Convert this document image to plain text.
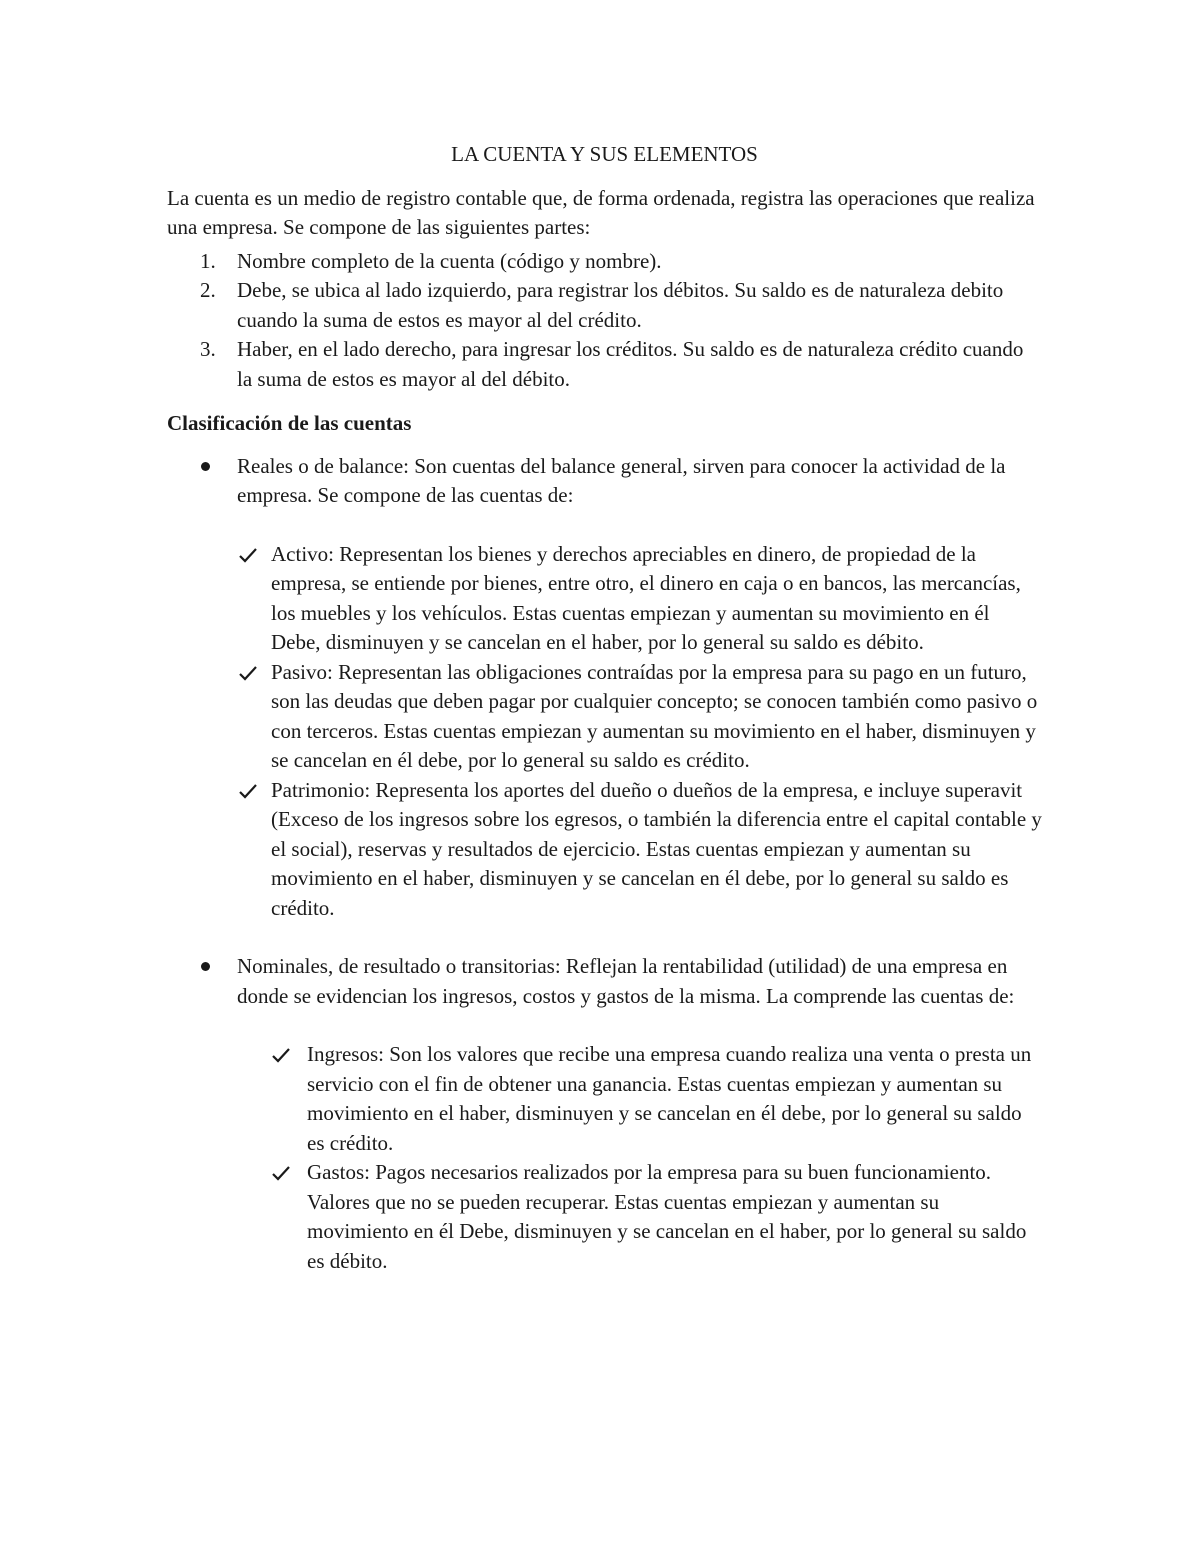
LA CUENTA Y SUS ELEMENTOS

La cuenta es un medio de registro contable que, de forma ordenada, registra las operaciones que realiza una empresa. Se compone de las siguientes partes:

1. Nombre completo de la cuenta (código y nombre).
2. Debe, se ubica al lado izquierdo, para registrar los débitos. Su saldo es de naturaleza debito cuando la suma de estos es mayor al del crédito.
3. Haber, en el lado derecho, para ingresar los créditos. Su saldo es de naturaleza crédito cuando la suma de estos es mayor al del débito.

Clasificación de las cuentas

Reales o de balance: Son cuentas del balance general, sirven para conocer la actividad de la empresa. Se compone de las cuentas de:
Activo: Representan los bienes y derechos apreciables en dinero, de propiedad de la empresa, se entiende por bienes, entre otro, el dinero en caja o en bancos, las mercancías, los muebles y los vehículos. Estas cuentas empiezan y aumentan su movimiento en él Debe, disminuyen y se cancelan en el haber, por lo general su saldo es débito.
Pasivo: Representan las obligaciones contraídas por la empresa para su pago en un futuro, son las deudas que deben pagar por cualquier concepto; se conocen también como pasivo o con terceros. Estas cuentas empiezan y aumentan su movimiento en el haber, disminuyen y se cancelan en él debe, por lo general su saldo es crédito.
Patrimonio: Representa los aportes del dueño o dueños de la empresa, e incluye superavit (Exceso de los ingresos sobre los egresos, o también la diferencia entre el capital contable y el social), reservas y resultados de ejercicio. Estas cuentas empiezan y aumentan su movimiento en el haber, disminuyen y se cancelan en él debe, por lo general su saldo es crédito.
Nominales, de resultado o transitorias: Reflejan la rentabilidad (utilidad) de una empresa en donde se evidencian los ingresos, costos y gastos de la misma. La comprende las cuentas de:
Ingresos: Son los valores que recibe una empresa cuando realiza una venta o presta un servicio con el fin de obtener una ganancia. Estas cuentas empiezan y aumentan su movimiento en el haber, disminuyen y se cancelan en él debe, por lo general su saldo es crédito.
Gastos: Pagos necesarios realizados por la empresa para su buen funcionamiento. Valores que no se pueden recuperar. Estas cuentas empiezan y aumentan su movimiento en él Debe, disminuyen y se cancelan en el haber, por lo general su saldo es débito.
